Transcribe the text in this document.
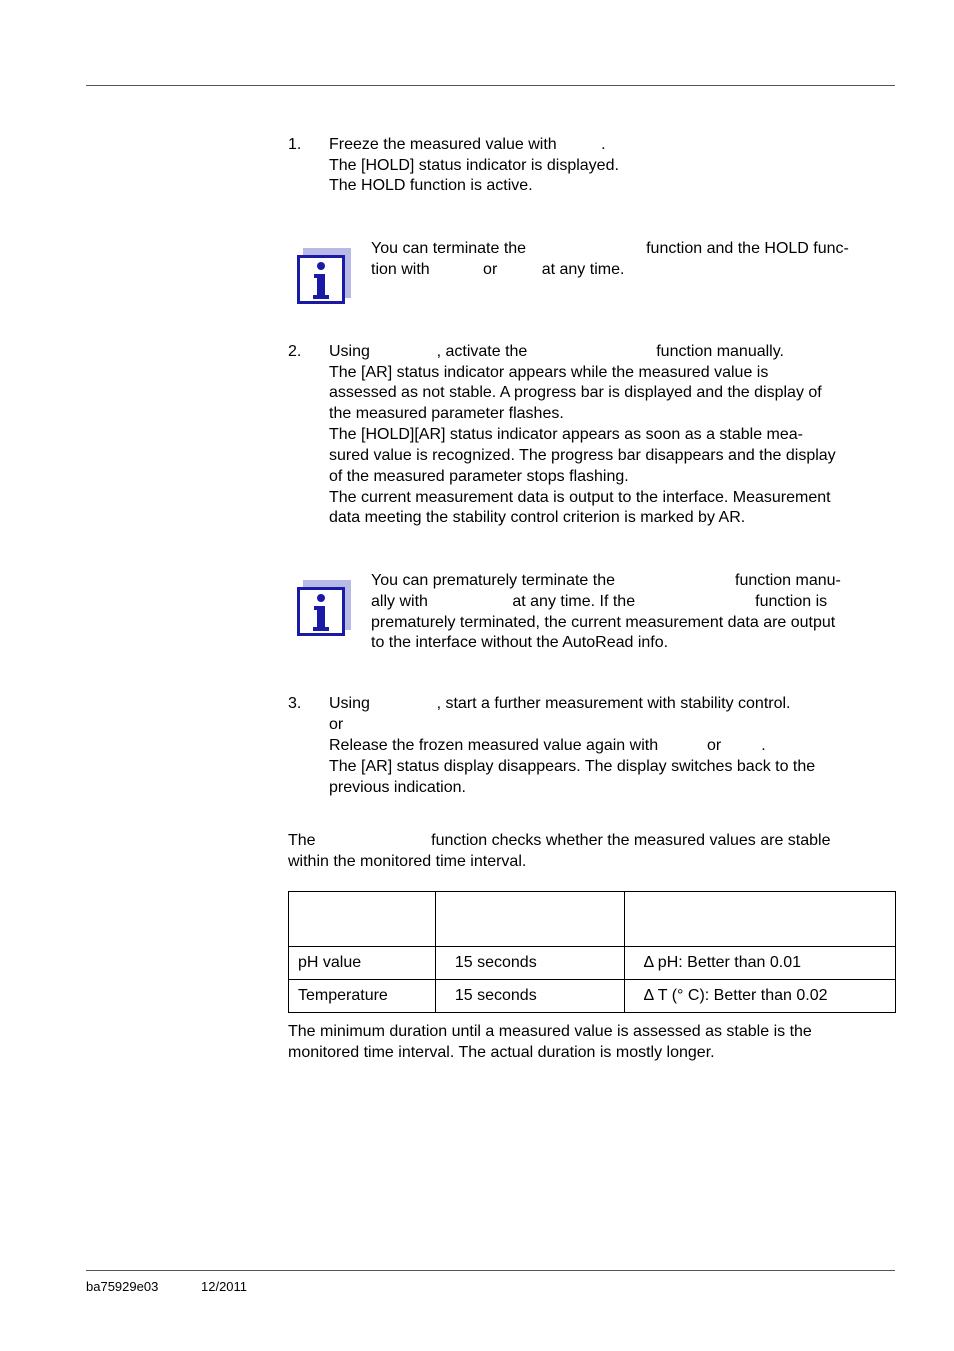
1. Freeze the measured value with          .
The [HOLD] status indicator is displayed.
The HOLD function is active.
You can terminate the                           function and the HOLD func-
tion with            or          at any time.
2. Using               , activate the                             function manually.
The [AR] status indicator appears while the measured value is
assessed as not stable. A progress bar is displayed and the display of
the measured parameter flashes.
The [HOLD][AR] status indicator appears as soon as a stable mea-
sured value is recognized. The progress bar disappears and the display
of the measured parameter stops flashing.
The current measurement data is output to the interface. Measurement
data meeting the stability control criterion is marked by AR.
You can prematurely terminate the                           function manu-
ally with                   at any time. If the                           function is
prematurely terminated, the current measurement data are output
to the interface without the AutoRead info.
3. Using               , start a further measurement with stability control.
or
Release the frozen measured value again with           or         .
The [AR] status display disappears. The display switches back to the
previous indication.
The                          function checks whether the measured values are stable
within the monitored time interval.

pH value	15 seconds	Δ pH: Better than 0.01
Temperature	15 seconds	Δ T (° C): Better than 0.02
The minimum duration until a measured value is assessed as stable is the
monitored time interval. The actual duration is mostly longer.
ba75929e03	12/2011
